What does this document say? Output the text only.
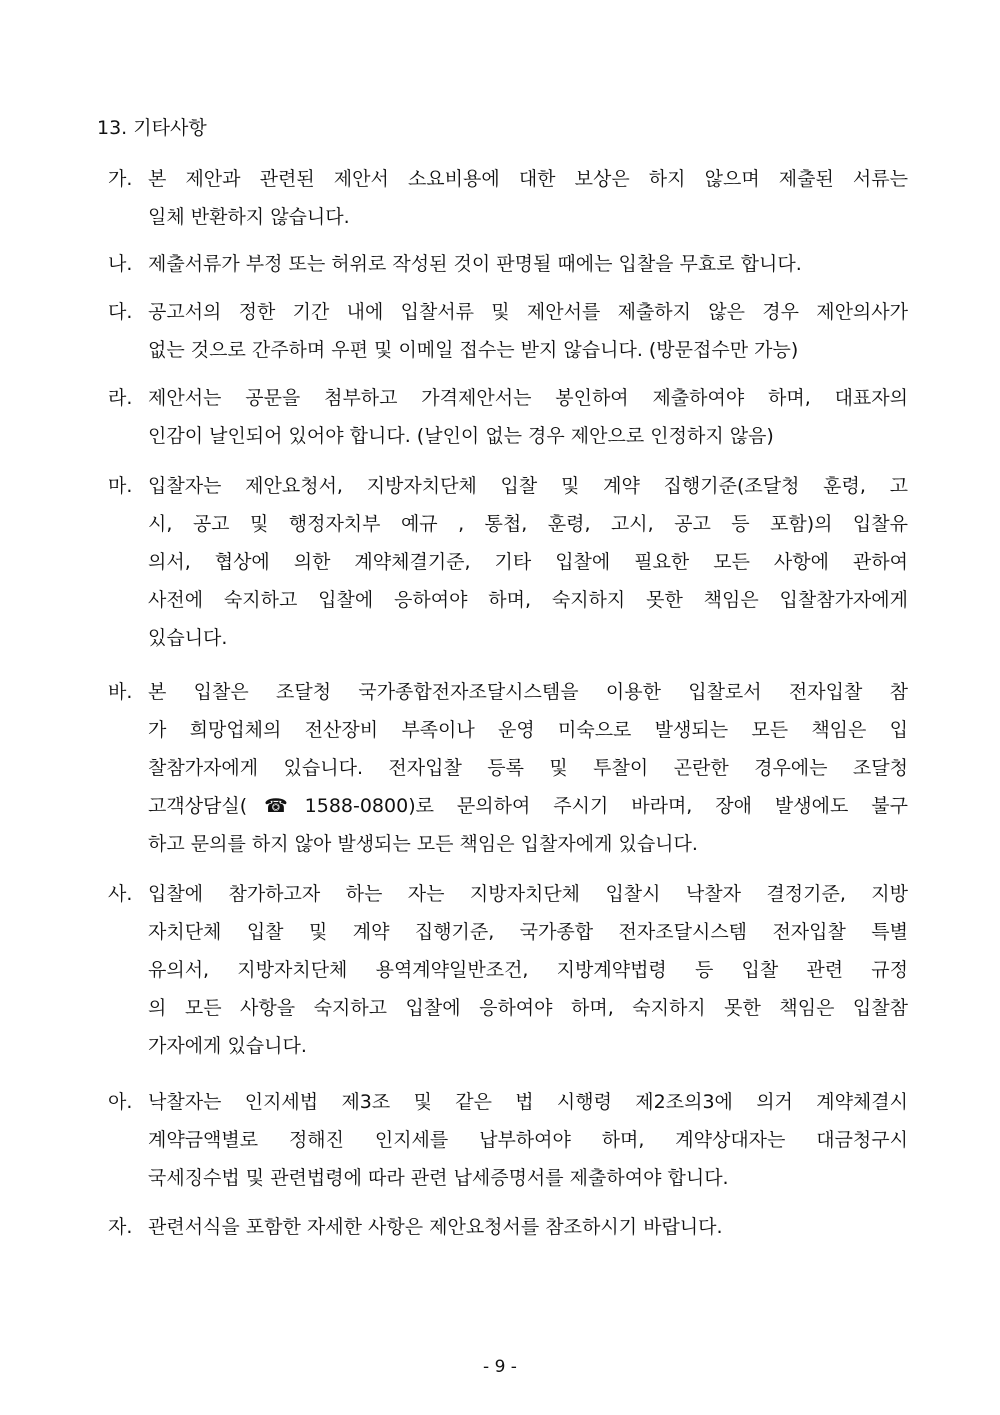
13. 기타사항
가. 본 제안과 관련된 제안서 소요비용에 대한 보상은 하지 않으며 제출된 서류는
일체 반환하지 않습니다.
나. 제출서류가 부정 또는 허위로 작성된 것이 판명될 때에는 입찰을 무효로 합니다.
다. 공고서의 정한 기간 내에 입찰서류 및 제안서를 제출하지 않은 경우 제안의사가
없는 것으로 간주하며 우편 및 이메일 접수는 받지 않습니다. (방문접수만 가능)
라. 제안서는 공문을 첨부하고 가격제안서는 봉인하여 제출하여야 하며, 대표자의
인감이 날인되어 있어야 합니다. (날인이 없는 경우 제안으로 인정하지 않음)
마. 입찰자는 제안요청서, 지방자치단체 입찰 및 계약 집행기준(조달청 훈령, 고
시, 공고 및 행정자치부 예규 , 통첩, 훈령, 고시, 공고 등 포함)의 입찰유
의서, 협상에 의한 계약체결기준, 기타 입찰에 필요한 모든 사항에 관하여
사전에 숙지하고 입찰에 응하여야 하며, 숙지하지 못한 책임은 입찰참가자에게
있습니다.
바. 본 입찰은 조달청 국가종합전자조달시스템을 이용한 입찰로서 전자입찰 참
가 희망업체의 전산장비 부족이나 운영 미숙으로 발생되는 모든 책임은 입
찰참가자에게 있습니다. 전자입찰 등록 및 투찰이 곤란한 경우에는 조달청
고객상담실(☎1588-0800)로 문의하여 주시기 바라며, 장애 발생에도 불구
하고 문의를 하지 않아 발생되는 모든 책임은 입찰자에게 있습니다.
사. 입찰에 참가하고자 하는 자는 지방자치단체 입찰시 낙찰자 결정기준, 지방
자치단체 입찰 및 계약 집행기준, 국가종합 전자조달시스템 전자입찰 특별
유의서, 지방자치단체 용역계약일반조건, 지방계약법령 등 입찰 관련 규정
의 모든 사항을 숙지하고 입찰에 응하여야 하며, 숙지하지 못한 책임은 입찰참
가자에게 있습니다.
아. 낙찰자는 인지세법 제3조 및 같은 법 시행령 제2조의3에 의거 계약체결시
계약금액별로 정해진 인지세를 납부하여야 하며, 계약상대자는 대금청구시
국세징수법 및 관련법령에 따라 관련 납세증명서를 제출하여야 합니다.
자. 관련서식을 포함한 자세한 사항은 제안요청서를 참조하시기 바랍니다.
- 9 -
